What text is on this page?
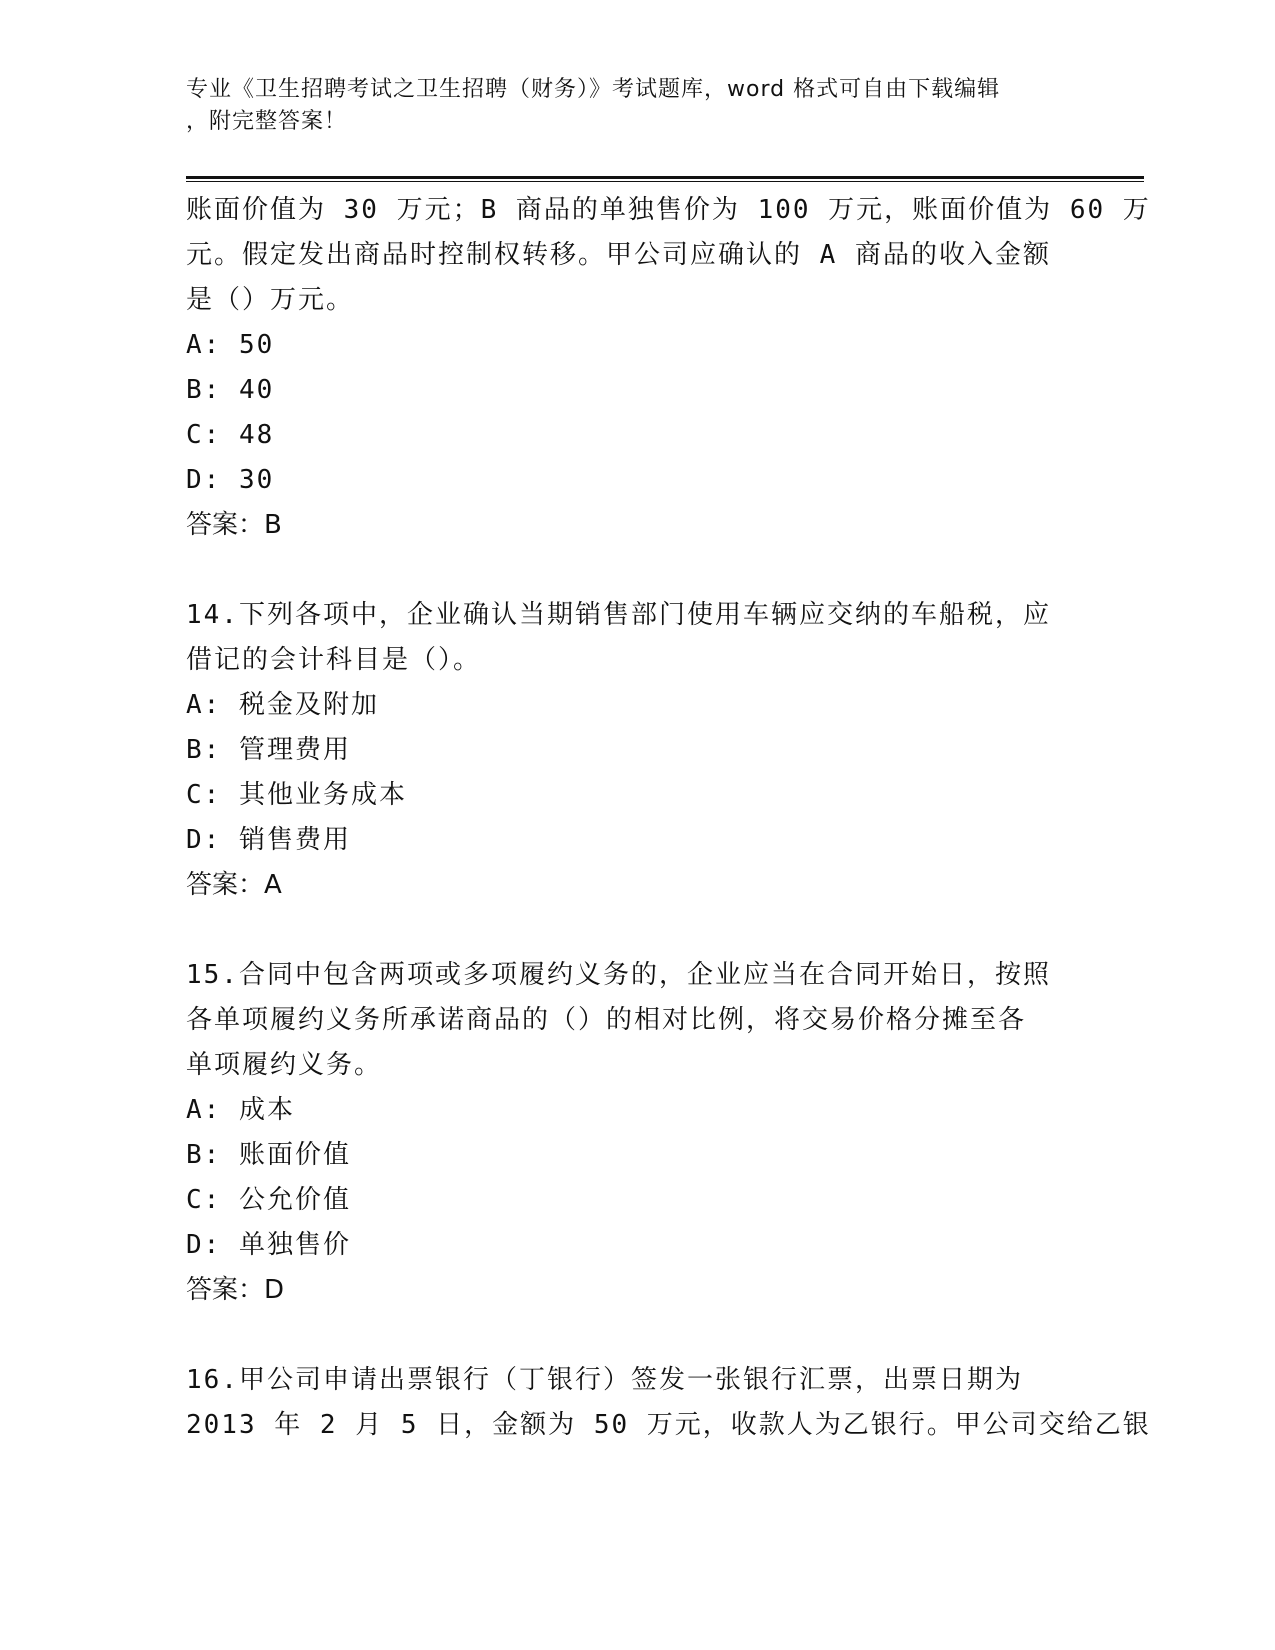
专业《卫生招聘考试之卫生招聘（财务）》考试题库，word 格式可自由下载编辑
，附完整答案！
账面价值为 30 万元；B 商品的单独售价为 100 万元，账面价值为 60 万
元。假定发出商品时控制权转移。甲公司应确认的 A 商品的收入金额
是（）万元。
A: 50
B: 40
C: 48
D: 30
答案：B
14.下列各项中，企业确认当期销售部门使用车辆应交纳的车船税，应
借记的会计科目是（）。
A: 税金及附加
B: 管理费用
C: 其他业务成本
D: 销售费用
答案：A
15.合同中包含两项或多项履约义务的，企业应当在合同开始日，按照
各单项履约义务所承诺商品的（）的相对比例，将交易价格分摊至各
单项履约义务。
A: 成本
B: 账面价值
C: 公允价值
D: 单独售价
答案：D
16.甲公司申请出票银行（丁银行）签发一张银行汇票，出票日期为
2013 年 2 月 5 日，金额为 50 万元，收款人为乙银行。甲公司交给乙银
